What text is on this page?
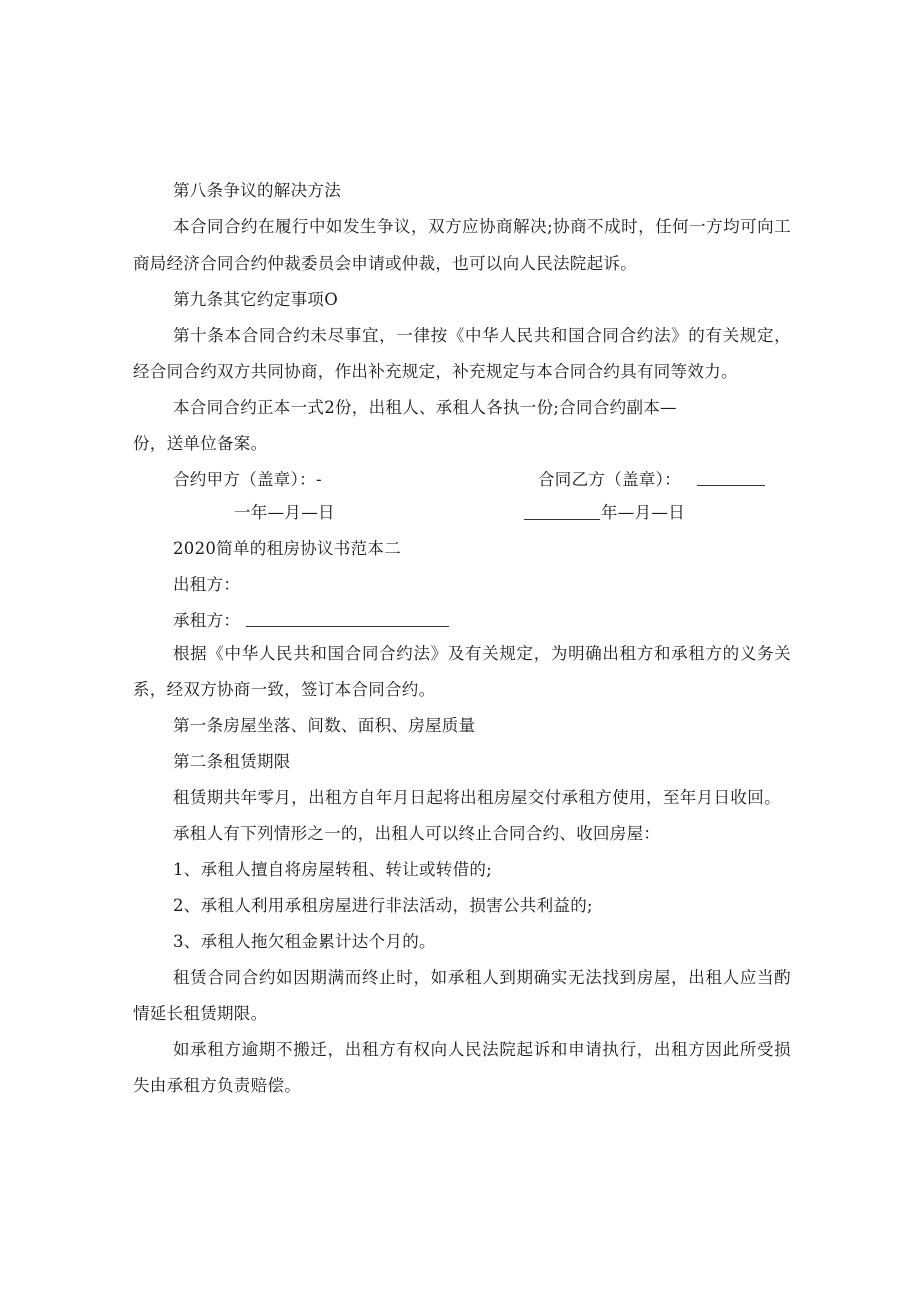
第八条争议的解决方法
本合同合约在履行中如发生争议，双方应协商解决;协商不成时，任何一方均可向工
商局经济合同合约仲裁委员会申请或仲裁，也可以向人民法院起诉。
第九条其它约定事项O
第十条本合同合约未尽事宜，一律按《中华人民共和国合同合约法》的有关规定，
经合同合约双方共同协商，作出补充规定，补充规定与本合同合约具有同等效力。
本合同合约正本一式2份，出租人、承租人各执一份;合同合约副本—
份，送单位备案。
合约甲方（盖章）：-	合同乙方（盖章）：
一年—月—日	年—月—日
2020简单的租房协议书范本二
出租方：
承租方：
根据《中华人民共和国合同合约法》及有关规定，为明确出租方和承租方的义务关
系，经双方协商一致，签订本合同合约。
第一条房屋坐落、间数、面积、房屋质量
第二条租赁期限
租赁期共年零月，出租方自年月日起将出租房屋交付承租方使用，至年月日收回。
承租人有下列情形之一的，出租人可以终止合同合约、收回房屋：
1、承租人擅自将房屋转租、转让或转借的;
2、承租人利用承租房屋进行非法活动，损害公共利益的;
3、承租人拖欠租金累计达个月的。
租赁合同合约如因期满而终止时，如承租人到期确实无法找到房屋，出租人应当酌
情延长租赁期限。
如承租方逾期不搬迁，出租方有权向人民法院起诉和申请执行，出租方因此所受损
失由承租方负责赔偿。
